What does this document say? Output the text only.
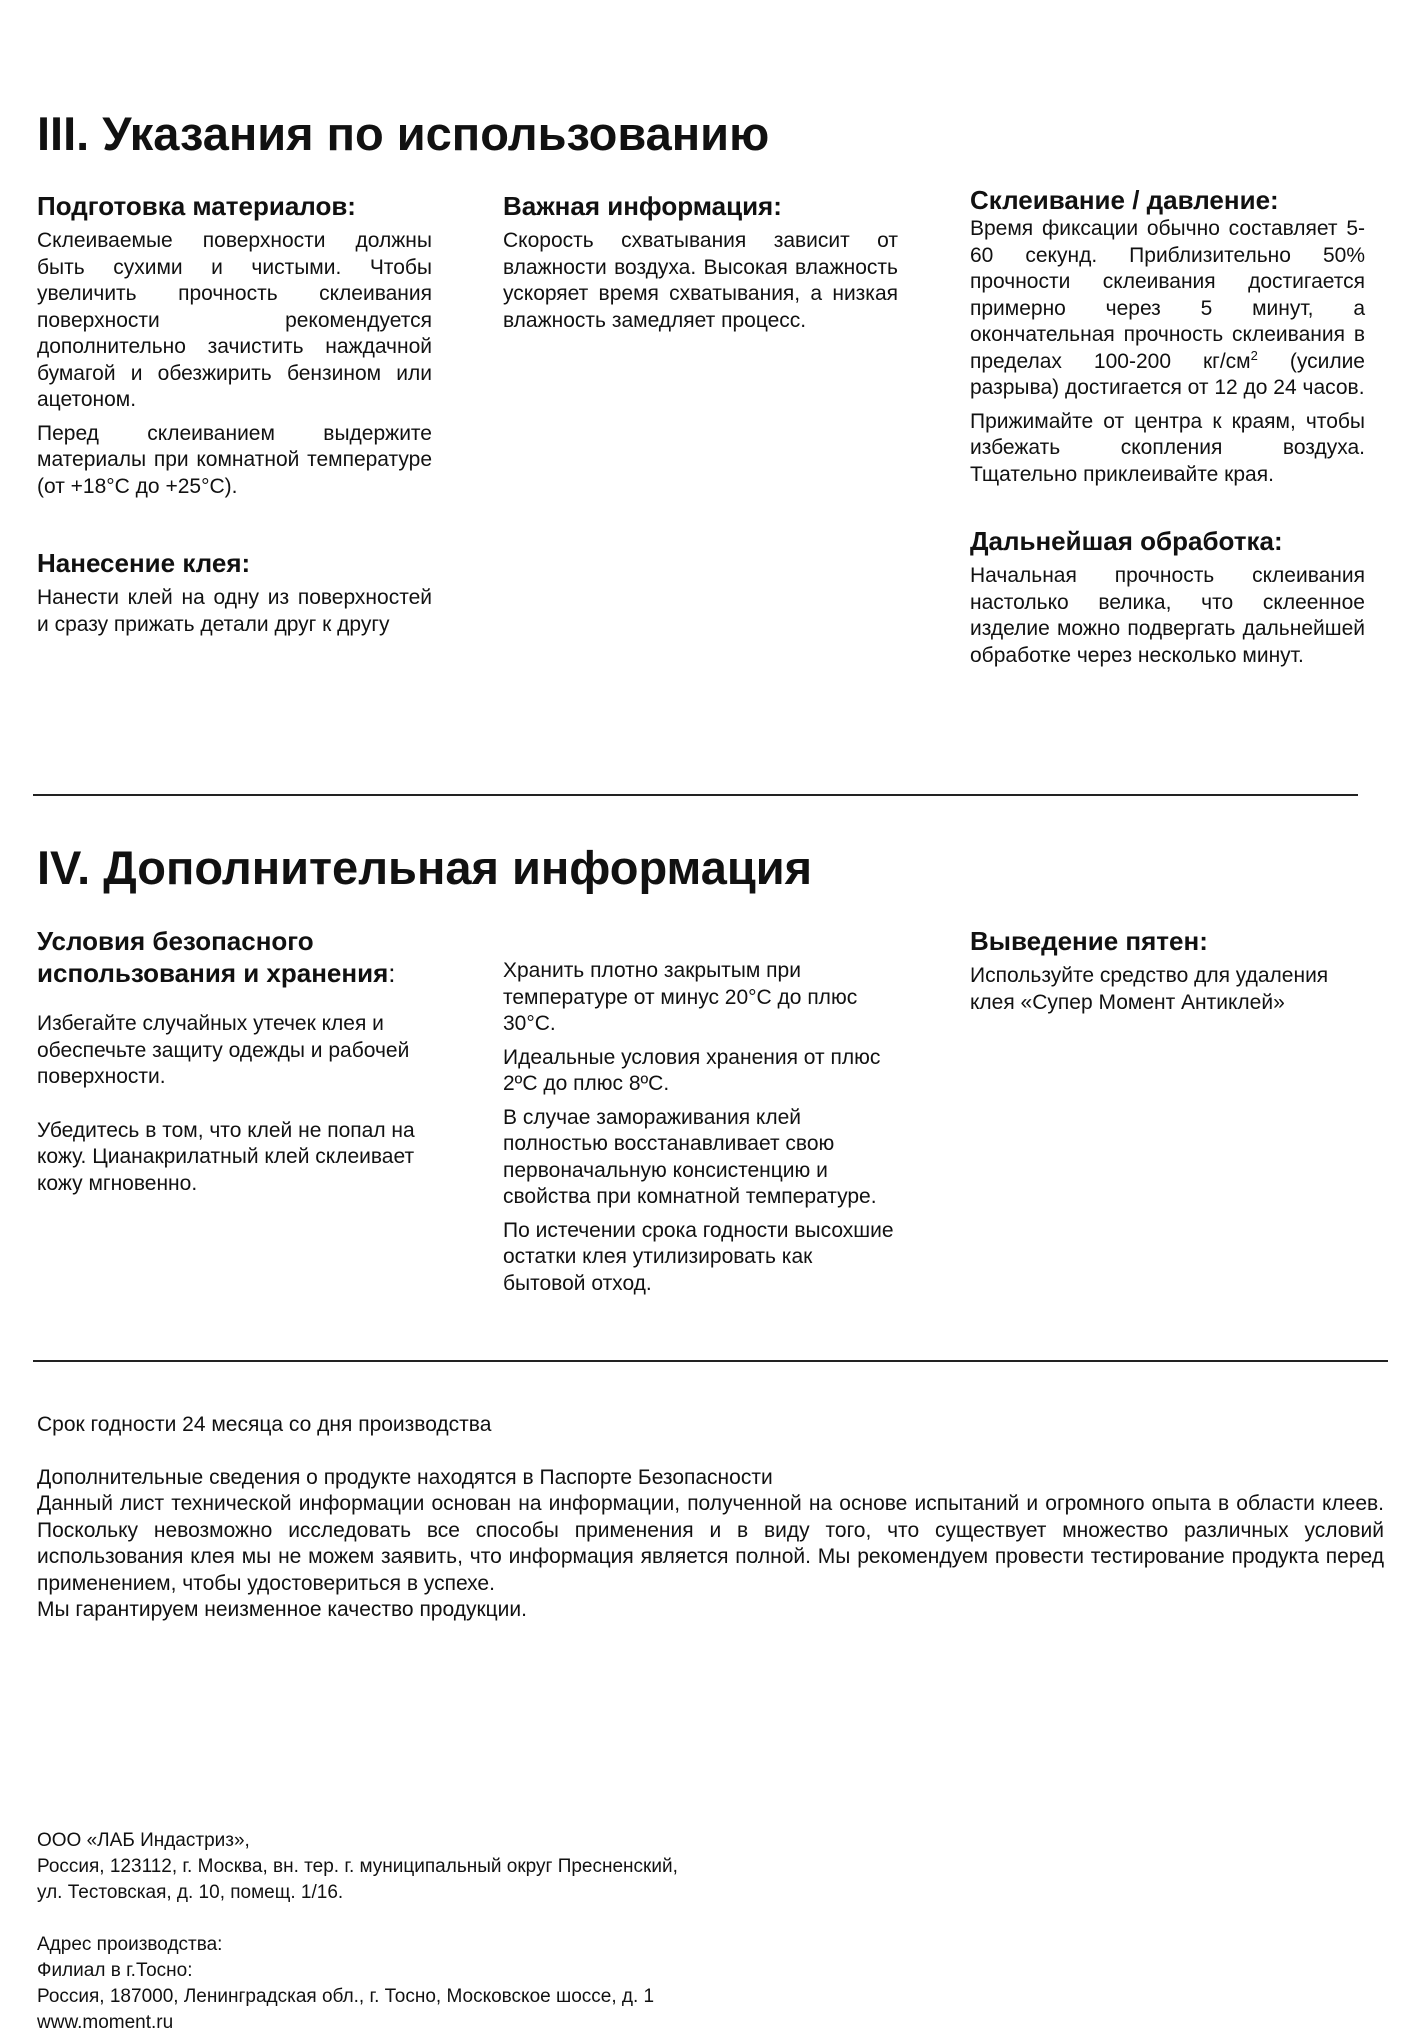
III. Указания по использованию
Подготовка материалов:

Склеиваемые поверхности должны быть сухими и чистыми. Чтобы увеличить прочность склеивания поверхности рекомендуется дополнительно зачистить наждачной бумагой и обезжирить бензином или ацетоном.

Перед склеиванием выдержите материалы при комнатной температуре (от +18°С до +25°С).

Нанесение клея:

Нанести клей на одну из поверхностей и сразу прижать детали друг к другу

Важная информация:

Скорость схватывания зависит от влажности воздуха. Высокая влажность ускоряет время схватывания, а низкая влажность замедляет процесс.

Склеивание / давление:

Время фиксации обычно составляет 5-60 секунд. Приблизительно 50% прочности склеивания достигается примерно через 5 минут, а окончательная прочность склеивания в пределах 100-200 $кг/см^2$ (усилие разрыва) достигается от 12 до 24 часов.

Прижимайте от центра к краям, чтобы избежать скопления воздуха. Тщательно приклеивайте края.

Дальнейшая обработка:

Начальная прочность склеивания настолько велика, что склеенное изделие можно подвергать дальнейшей обработке через несколько минут.

IV. Дополнительная информация
Условия безопасного
использования и хранения:

Избегайте случайных утечек клея и обеспечьте защиту одежды и рабочей поверхности.

Убедитесь в том, что клей не попал на кожу. Цианакрилатный клей склеивает кожу мгновенно.

Хранить плотно закрытым при температуре от минус 20°С до плюс 30°С.

Идеальные условия хранения от плюс 2ºС до плюс 8ºС.

В случае замораживания клей полностью восстанавливает свою первоначальную консистенцию и свойства при комнатной температуре.

По истечении срока годности высохшие остатки клея утилизировать как бытовой отход.

Выведение пятен:

Используйте средство для удаления клея «Супер Момент Антиклей»

Срок годности 24 месяца со дня производства

Дополнительные сведения о продукте находятся в Паспорте Безопасности

Данный лист технической информации основан на информации, полученной на основе испытаний и огромного опыта в области клеев. Поскольку невозможно исследовать все способы применения и в виду того, что существует множество различных условий использования клея мы не можем заявить, что информация является полной. Мы рекомендуем провести тестирование продукта перед применением, чтобы удостовериться в успехе.

Мы гарантируем неизменное качество продукции.

ООО «ЛАБ Индастриз»,

Россия, 123112, г. Москва, вн. тер. г. муниципальный округ Пресненский,

ул. Тестовская, д. 10, помещ. 1/16.

Адрес производства:

Филиал в г.Тосно:

Россия, 187000, Ленинградская обл., г. Тосно, Московское шоссе, д. 1

www.moment.ru
